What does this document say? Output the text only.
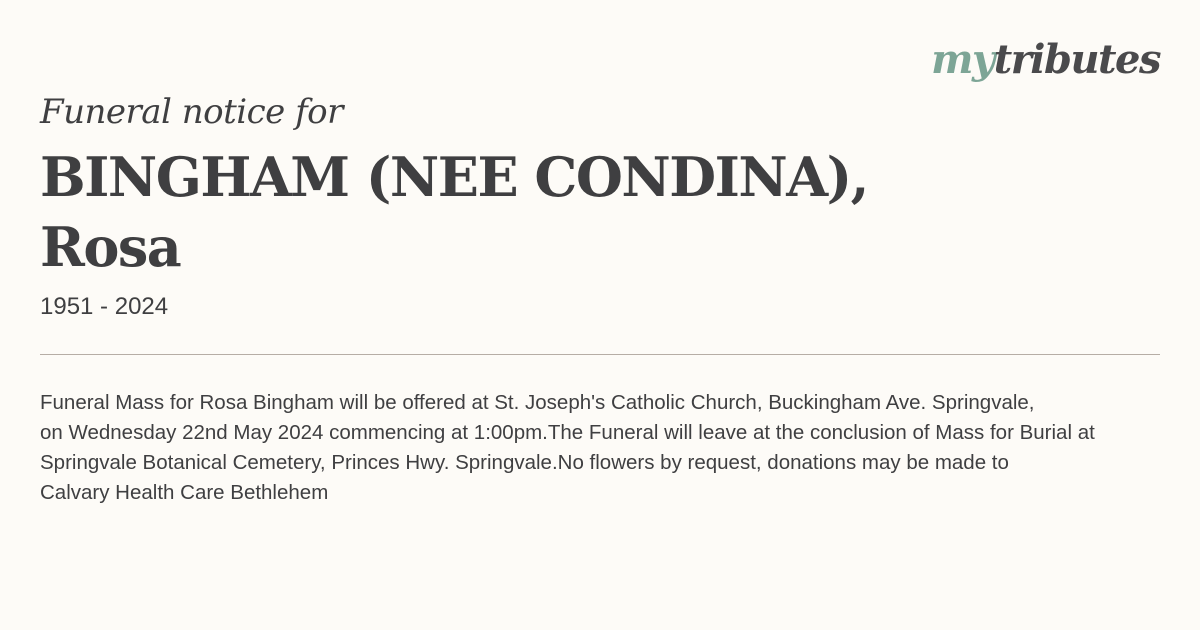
mytributes

Funeral notice for

BINGHAM (NEE CONDINA),
Rosa

1951 - 2024

Funeral Mass for Rosa Bingham will be offered at St. Joseph's Catholic Church, Buckingham Ave. Springvale,
on Wednesday 22nd May 2024 commencing at 1:00pm.The Funeral will leave at the conclusion of Mass for Burial at
Springvale Botanical Cemetery, Princes Hwy. Springvale.No flowers by request, donations may be made to
Calvary Health Care Bethlehem
